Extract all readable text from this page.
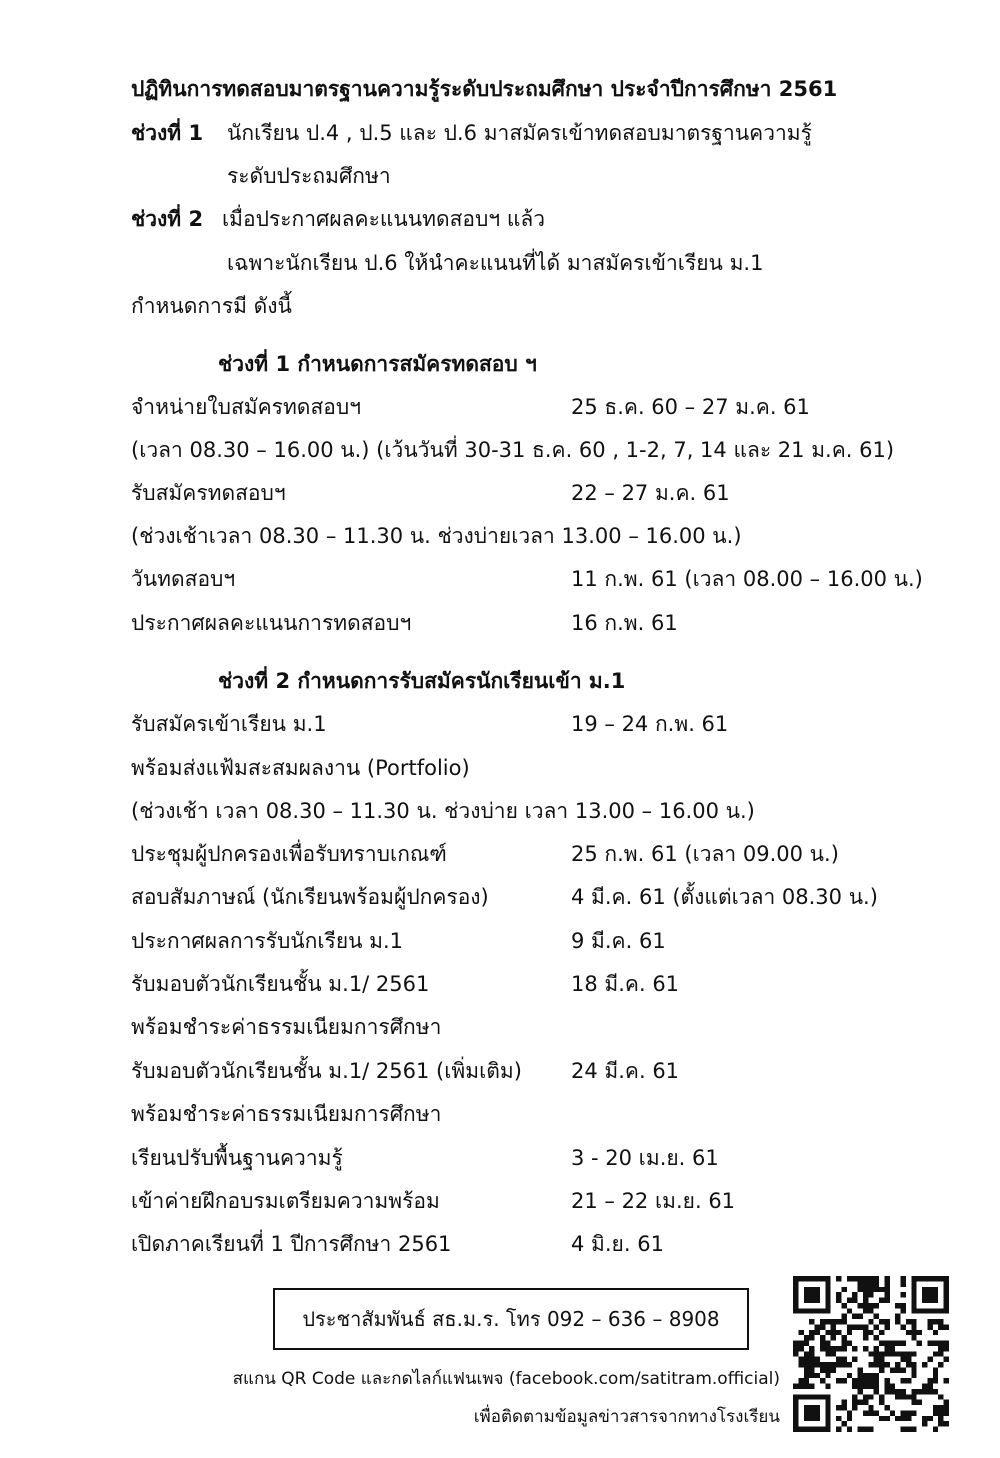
ปฏิทินการทดสอบมาตรฐานความรู้ระดับประถมศึกษา ประจำปีการศึกษา 2561
ช่วงที่ 1 นักเรียน ป.4 , ป.5 และ ป.6 มาสมัครเข้าทดสอบมาตรฐานความรู้
ระดับประถมศึกษา
ช่วงที่ 2 เมื่อประกาศผลคะแนนทดสอบฯ แล้ว
เฉพาะนักเรียน ป.6 ให้นำคะแนนที่ได้ มาสมัครเข้าเรียน ม.1
กำหนดการมี ดังนี้
ช่วงที่ 1 กำหนดการสมัครทดสอบ ฯ
จำหน่ายใบสมัครทดสอบฯ	25 ธ.ค. 60 – 27 ม.ค. 61
(เวลา 08.30 – 16.00 น.) (เว้นวันที่ 30-31 ธ.ค. 60 , 1-2, 7, 14 และ 21 ม.ค. 61)
รับสมัครทดสอบฯ	22 – 27 ม.ค. 61
(ช่วงเช้าเวลา 08.30 – 11.30 น. ช่วงบ่ายเวลา 13.00 – 16.00 น.)
วันทดสอบฯ	11 ก.พ. 61 (เวลา 08.00 – 16.00 น.)
ประกาศผลคะแนนการทดสอบฯ	16 ก.พ. 61
ช่วงที่ 2 กำหนดการรับสมัครนักเรียนเข้า ม.1
รับสมัครเข้าเรียน ม.1	19 – 24 ก.พ. 61
พร้อมส่งแฟ้มสะสมผลงาน (Portfolio)
(ช่วงเช้า เวลา 08.30 – 11.30 น. ช่วงบ่าย เวลา 13.00 – 16.00 น.)
ประชุมผู้ปกครองเพื่อรับทราบเกณฑ์	25 ก.พ. 61 (เวลา 09.00 น.)
สอบสัมภาษณ์ (นักเรียนพร้อมผู้ปกครอง)	4 มี.ค. 61 (ตั้งแต่เวลา 08.30 น.)
ประกาศผลการรับนักเรียน ม.1	9 มี.ค. 61
รับมอบตัวนักเรียนชั้น ม.1/ 2561	18 มี.ค. 61
พร้อมชำระค่าธรรมเนียมการศึกษา
รับมอบตัวนักเรียนชั้น ม.1/ 2561 (เพิ่มเติม) 24 มี.ค. 61
พร้อมชำระค่าธรรมเนียมการศึกษา
เรียนปรับพื้นฐานความรู้	3 - 20 เม.ย. 61
เข้าค่ายฝึกอบรมเตรียมความพร้อม	21 – 22 เม.ย. 61
เปิดภาคเรียนที่ 1 ปีการศึกษา 2561	4 มิ.ย. 61
ประชาสัมพันธ์ สธ.ม.ร. โทร 092 – 636 – 8908
สแกน QR Code และกดไลก์แฟนเพจ (facebook.com/satitram.official)
เพื่อติดตามข้อมูลข่าวสารจากทางโรงเรียน
